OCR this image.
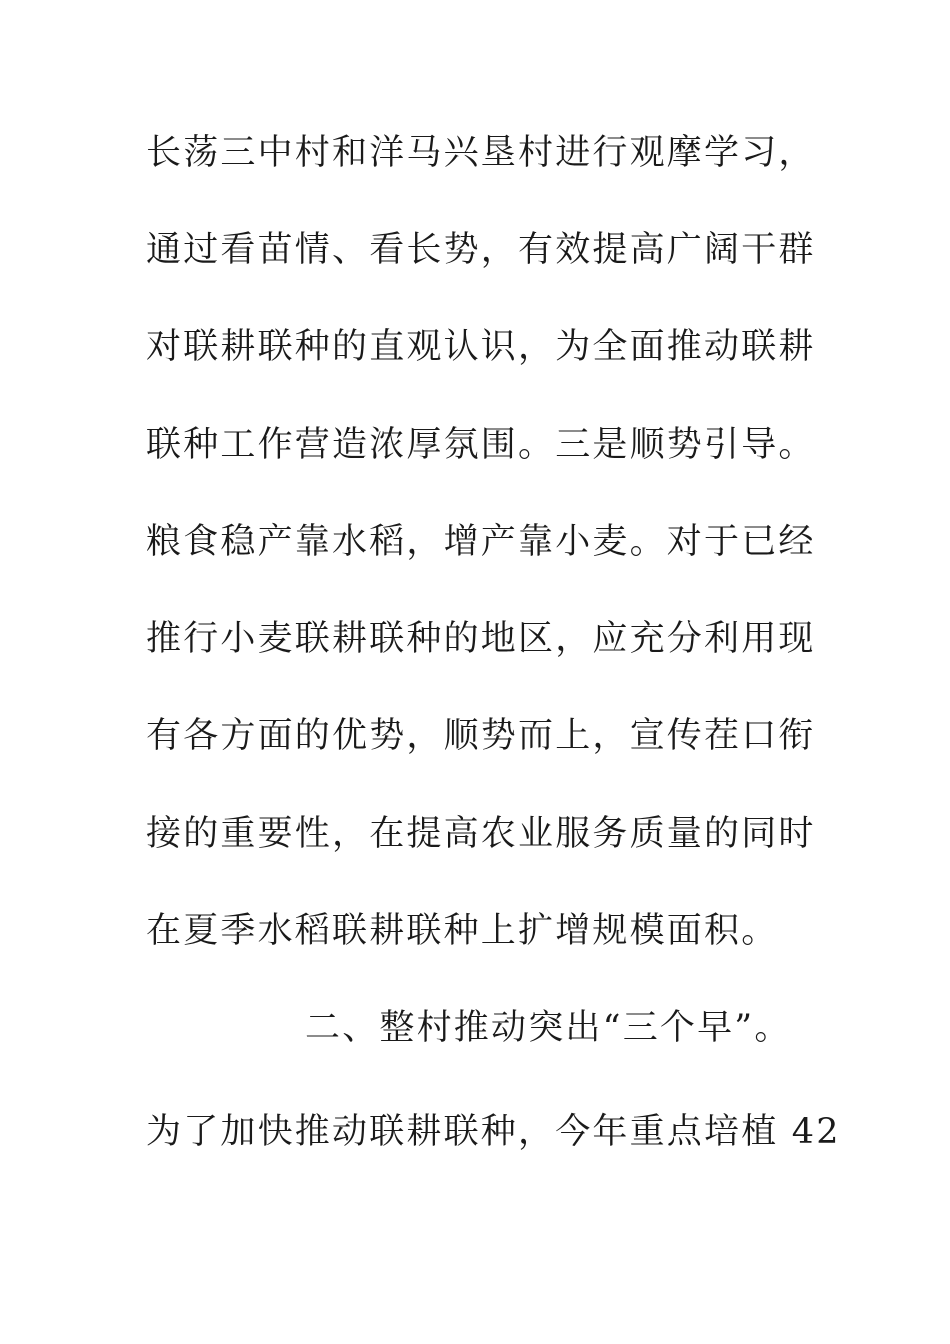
长荡三中村和洋马兴垦村进行观摩学习，
通过看苗情、看长势，有效提高广阔干群
对联耕联种的直观认识，为全面推动联耕
联种工作营造浓厚氛围。三是顺势引导。
粮食稳产靠水稻，增产靠小麦。对于已经
推行小麦联耕联种的地区，应充分利用现
有各方面的优势，顺势而上，宣传茬口衔
接的重要性，在提高农业服务质量的同时
在夏季水稻联耕联种上扩增规模面积。
二、整村推动突出“三个早”。
为了加快推动联耕联种，今年重点培植 42
